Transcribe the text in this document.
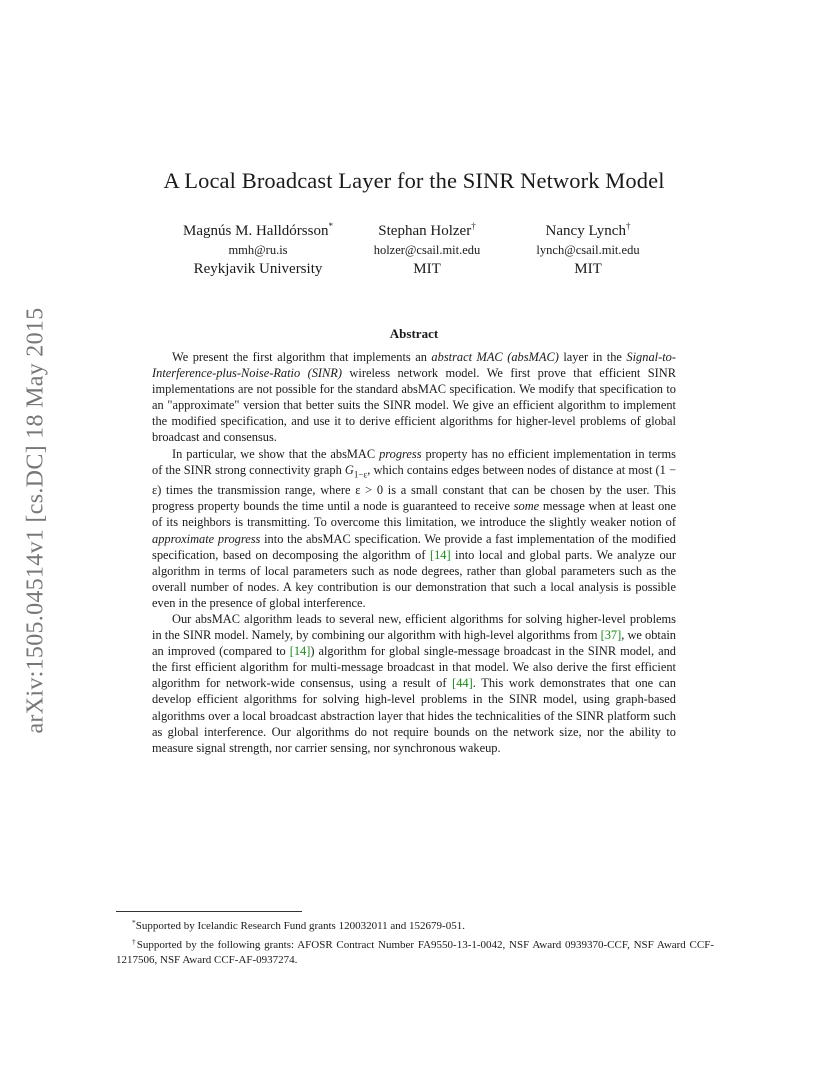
arXiv:1505.04514v1 [cs.DC] 18 May 2015
A Local Broadcast Layer for the SINR Network Model
Magnús M. Halldórsson*
mmh@ru.is
Reykjavik University
Stephan Holzer†
holzer@csail.mit.edu
MIT
Nancy Lynch†
lynch@csail.mit.edu
MIT
Abstract

We present the first algorithm that implements an abstract MAC (absMAC) layer in the Signal-to-Interference-plus-Noise-Ratio (SINR) wireless network model. We first prove that efficient SINR implementations are not possible for the standard absMAC specification. We modify that specification to an "approximate" version that better suits the SINR model. We give an efficient algorithm to implement the modified specification, and use it to derive efficient algorithms for higher-level problems of global broadcast and consensus.

In particular, we show that the absMAC progress property has no efficient implementation in terms of the SINR strong connectivity graph $G_{1-\varepsilon}$, which contains edges between nodes of distance at most (1 − ε) times the transmission range, where ε > 0 is a small constant that can be chosen by the user. This progress property bounds the time until a node is guaranteed to receive some message when at least one of its neighbors is transmitting. To overcome this limitation, we introduce the slightly weaker notion of approximate progress into the absMAC specification. We provide a fast implementation of the modified specification, based on decomposing the algorithm of [14] into local and global parts. We analyze our algorithm in terms of local parameters such as node degrees, rather than global parameters such as the overall number of nodes. A key contribution is our demonstration that such a local analysis is possible even in the presence of global interference.

Our absMAC algorithm leads to several new, efficient algorithms for solving higher-level problems in the SINR model. Namely, by combining our algorithm with high-level algorithms from [37], we obtain an improved (compared to [14]) algorithm for global single-message broadcast in the SINR model, and the first efficient algorithm for multi-message broadcast in that model. We also derive the first efficient algorithm for network-wide consensus, using a result of [44]. This work demonstrates that one can develop efficient algorithms for solving high-level problems in the SINR model, using graph-based algorithms over a local broadcast abstraction layer that hides the technicalities of the SINR platform such as global interference. Our algorithms do not require bounds on the network size, nor the ability to measure signal strength, nor carrier sensing, nor synchronous wakeup.

*Supported by Icelandic Research Fund grants 120032011 and 152679-051.

†Supported by the following grants: AFOSR Contract Number FA9550-13-1-0042, NSF Award 0939370-CCF, NSF Award CCF-1217506, NSF Award CCF-AF-0937274.
